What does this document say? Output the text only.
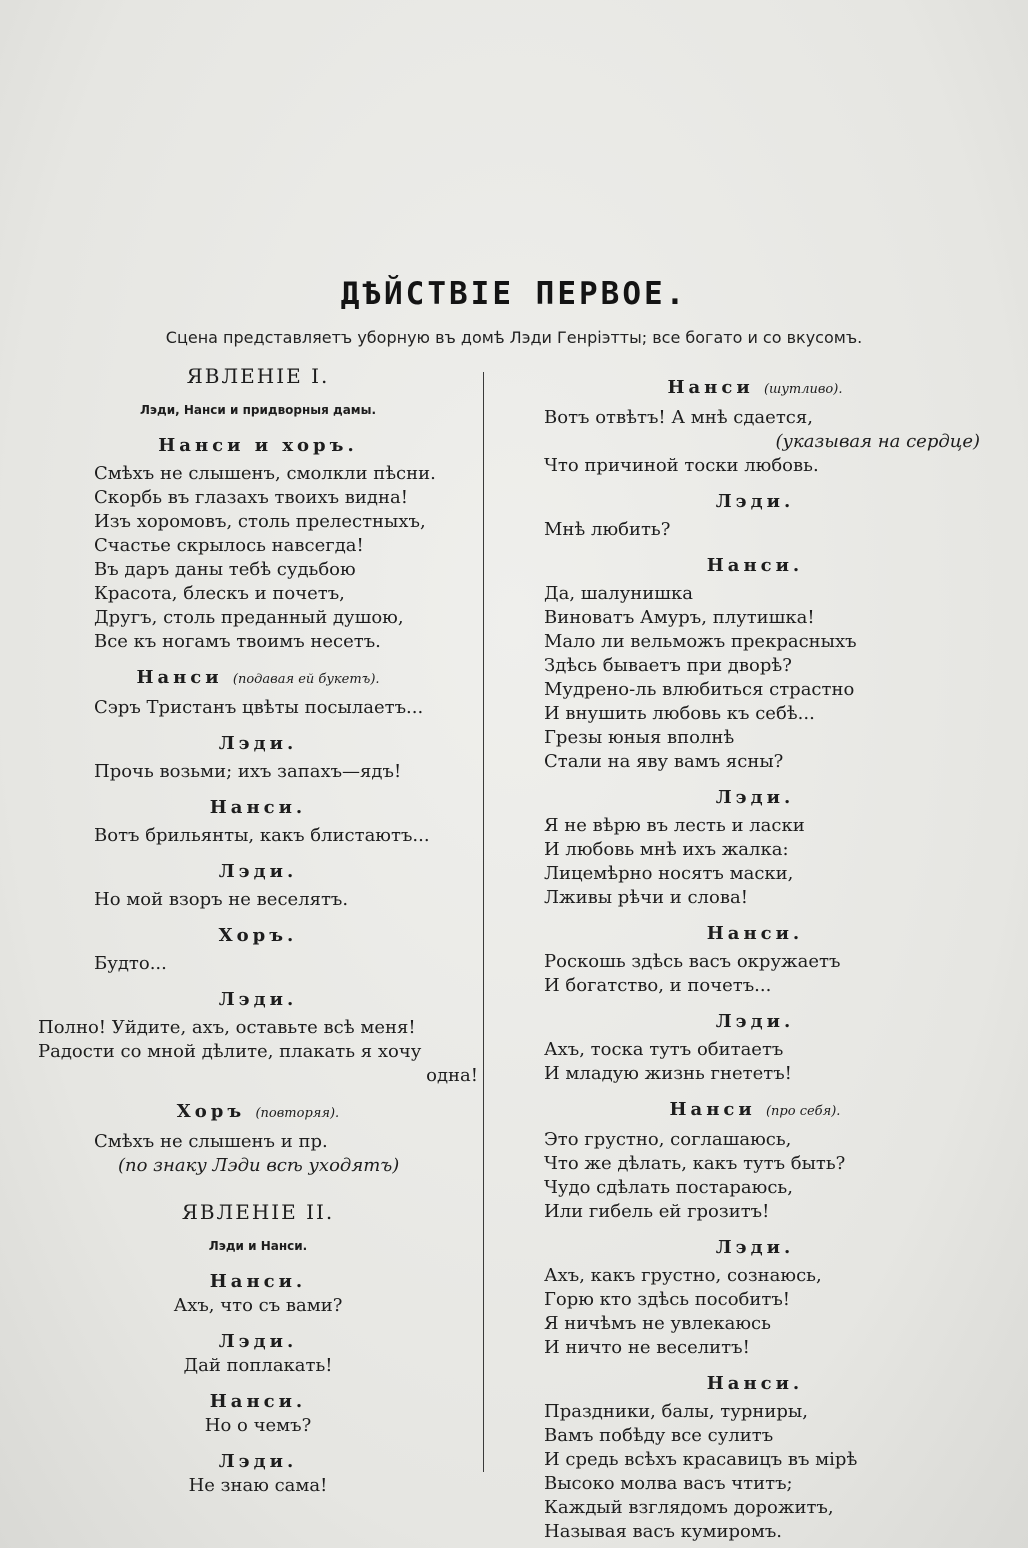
ДѢЙСТВІЕ ПЕРВОЕ.
Сцена представляетъ уборную въ домѣ Лэди Генріэтты; все богато и со вкусомъ.
ЯВЛЕНІЕ I.
Лэди, Нанси и придворныя дамы.
Нанси и хоръ.
Смѣхъ не слышенъ, смолкли пѣсни.
Скорбь въ глазахъ твоихъ видна!
Изъ хоромовъ, столь прелестныхъ,
Счастье скрылось навсегда!
Въ даръ даны тебѣ судьбою
Красота, блескъ и почетъ,
Другъ, столь преданный душою,
Все къ ногамъ твоимъ несетъ.
Нанси (подавая ей букетъ).
Сэръ Тристанъ цвѣты посылаетъ...
Лэди.
Прочь возьми; ихъ запахъ—ядъ!
Нанси.
Вотъ брильянты, какъ блистаютъ...
Лэди.
Но мой взоръ не веселятъ.
Хоръ.
Будто...
Лэди.
Полно! Уйдите, ахъ, оставьте всѣ меня!
Радости со мной дѣлите, плакать я хочу
одна!
Хоръ (повторяя).
Смѣхъ не слышенъ и пр.
(по знаку Лэди всѣ уходятъ)
ЯВЛЕНІЕ II.
Лэди и Нанси.
Нанси.
Ахъ, что съ вами?
Лэди.
Дай поплакать!
Нанси.
Но о чемъ?
Лэди.
Не знаю сама!
Нанси (шутливо).
Вотъ отвѣтъ! А мнѣ сдается,
(указывая на сердце)
Что причиной тоски любовь.
Лэди.
Мнѣ любить?
Нанси.
Да, шалунишка
Виноватъ Амуръ, плутишка!
Мало ли вельможъ прекрасныхъ
Здѣсь бываетъ при дворѣ?
Мудрено-ль влюбиться страстно
И внушить любовь къ себѣ...
Грезы юныя вполнѣ
Стали на яву вамъ ясны?
Лэди.
Я не вѣрю въ лесть и ласки
И любовь мнѣ ихъ жалка:
Лицемѣрно носятъ маски,
Лживы рѣчи и слова!
Нанси.
Роскошь здѣсь васъ окружаетъ
И богатство, и почетъ...
Лэди.
Ахъ, тоска тутъ обитаетъ
И младую жизнь гнететъ!
Нанси (про себя).
Это грустно, соглашаюсь,
Что же дѣлать, какъ тутъ быть?
Чудо сдѣлать постараюсь,
Или гибель ей грозитъ!
Лэди.
Ахъ, какъ грустно, сознаюсь,
Горю кто здѣсь пособитъ!
Я ничѣмъ не увлекаюсь
И ничто не веселитъ!
Нанси.
Праздники, балы, турниры,
Вамъ побѣду все сулитъ
И средь всѣхъ красавицъ въ мірѣ
Высоко молва васъ чтитъ;
Каждый взглядомъ дорожитъ,
Называя васъ кумиромъ.
